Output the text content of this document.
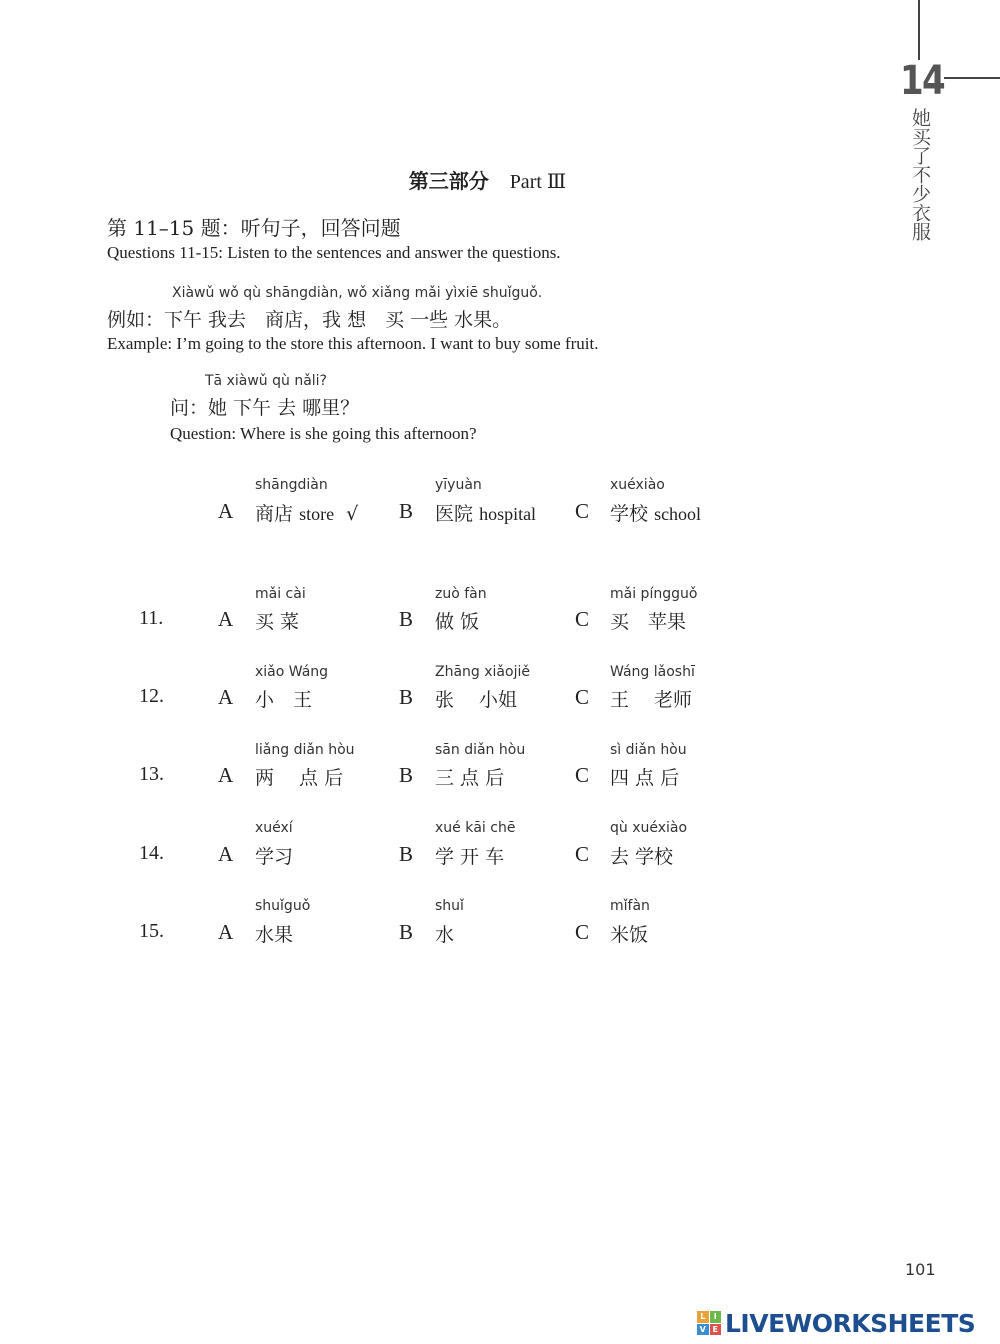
14
她买了不少衣服
第三部分 Part Ⅲ
第 11–15 题：听句子，回答问题
Questions 11-15: Listen to the sentences and answer the questions.
Xiàwǔ wǒ qù shāngdiàn, wǒ xiǎng mǎi yìxiē shuǐguǒ.
例如：下午 我去　商店，我 想　买 一些 水果。
Example: I’m going to the store this afternoon. I want to buy some fruit.
Tā xiàwǔ qù nǎli?
问：她 下午 去 哪里？
Question: Where is she going this afternoon?
shāngdiàn
A 商店 store √
yīyuàn
B 医院 hospital
xuéxiào
C 学校 school
11.
mǎi cài
A 买 菜
zuò fàn
B 做 饭
mǎi píngguǒ
C 买　苹果
12.
xiǎo Wáng
A 小　王
Zhāng xiǎojiě
B 张　 小姐
Wáng lǎoshī
C 王　 老师
13.
liǎng diǎn hòu
A 两　 点 后
sān diǎn hòu
B 三 点 后
sì diǎn hòu
C 四 点 后
14.
xuéxí
A 学习
xué kāi chē
B 学 开 车
qù xuéxiào
C 去 学校
15.
shuǐguǒ
A 水果
shuǐ
B 水
mǐfàn
C 米饭
101
L	I
V E LIVEWORKSHEETS
